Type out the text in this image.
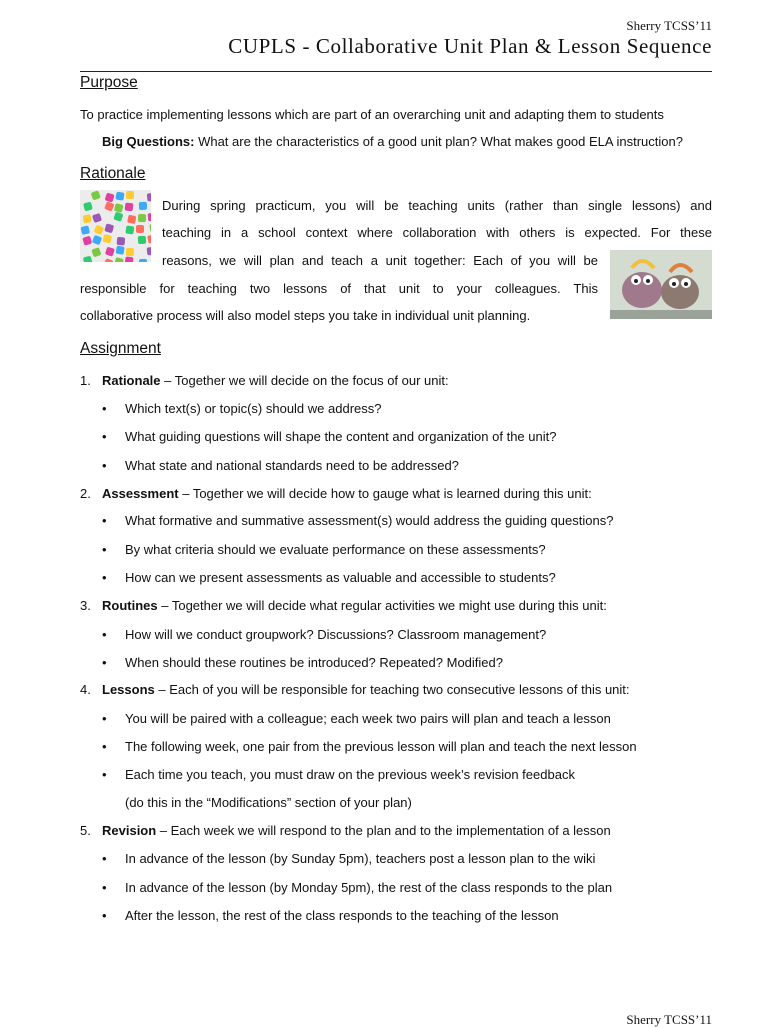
Sherry TCSS’11
CUPLS - Collaborative Unit Plan & Lesson Sequence
Purpose
To practice implementing lessons which are part of an overarching unit and adapting them to students
Big Questions: What are the characteristics of a good unit plan? What makes good ELA instruction?
Rationale
During spring practicum, you will be teaching units (rather than single lessons) and
teaching in a school context where collaboration with others is expected. For these
reasons, we will plan and teach a unit together: Each of you will be
responsible for teaching two lessons of that unit to your colleagues. This
collaborative process will also model steps you take in individual unit planning.
Assignment
1. Rationale – Together we will decide on the focus of our unit:
• Which text(s) or topic(s) should we address?
• What guiding questions will shape the content and organization of the unit?
• What state and national standards need to be addressed?
2. Assessment – Together we will decide how to gauge what is learned during this unit:
• What formative and summative assessment(s) would address the guiding questions?
• By what criteria should we evaluate performance on these assessments?
• How can we present assessments as valuable and accessible to students?
3. Routines – Together we will decide what regular activities we might use during this unit:
• How will we conduct groupwork? Discussions? Classroom management?
• When should these routines be introduced? Repeated? Modified?
4. Lessons – Each of you will be responsible for teaching two consecutive lessons of this unit:
• You will be paired with a colleague; each week two pairs will plan and teach a lesson
• The following week, one pair from the previous lesson will plan and teach the next lesson
• Each time you teach, you must draw on the previous week’s revision feedback
(do this in the “Modifications” section of your plan)
5. Revision – Each week we will respond to the plan and to the implementation of a lesson
• In advance of the lesson (by Sunday 5pm), teachers post a lesson plan to the wiki
• In advance of the lesson (by Monday 5pm), the rest of the class responds to the plan
• After the lesson, the rest of the class responds to the teaching of the lesson
Sherry TCSS’11
